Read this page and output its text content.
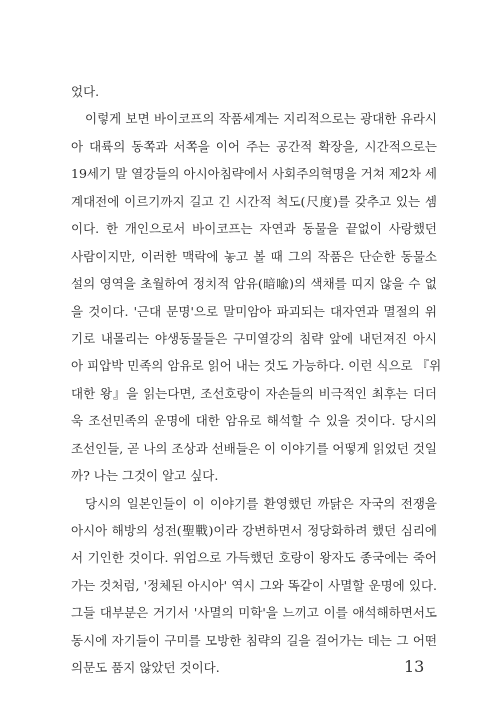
었다.
이렇게 보면 바이코프의 작품세계는 지리적으로는 광대한 유라시
아 대륙의 동쪽과 서쪽을 이어 주는 공간적 확장을, 시간적으로는
19세기 말 열강들의 아시아침략에서 사회주의혁명을 거쳐 제2차 세
계대전에 이르기까지 길고 긴 시간적 척도(尺度)를 갖추고 있는 셈
이다. 한 개인으로서 바이코프는 자연과 동물을 끝없이 사랑했던
사람이지만, 이러한 맥락에 놓고 볼 때 그의 작품은 단순한 동물소
설의 영역을 초월하여 정치적 암유(暗喩)의 색채를 띠지 않을 수 없
을 것이다. '근대 문명'으로 말미암아 파괴되는 대자연과 멸절의 위
기로 내몰리는 야생동물들은 구미열강의 침략 앞에 내던져진 아시
아 피압박 민족의 암유로 읽어 내는 것도 가능하다. 이런 식으로 『위
대한 왕』을 읽는다면, 조선호랑이 자손들의 비극적인 최후는 더더
욱 조선민족의 운명에 대한 암유로 해석할 수 있을 것이다. 당시의
조선인들, 곧 나의 조상과 선배들은 이 이야기를 어떻게 읽었던 것일
까? 나는 그것이 알고 싶다.
당시의 일본인들이 이 이야기를 환영했던 까닭은 자국의 전쟁을
아시아 해방의 성전(聖戰)이라 강변하면서 정당화하려 했던 심리에
서 기인한 것이다. 위엄으로 가득했던 호랑이 왕자도 종국에는 죽어
가는 것처럼, '정체된 아시아' 역시 그와 똑같이 사멸할 운명에 있다.
그들 대부분은 거기서 '사멸의 미학'을 느끼고 이를 애석해하면서도
동시에 자기들이 구미를 모방한 침략의 길을 걸어가는 데는 그 어떤
의문도 품지 않았던 것이다.	13
